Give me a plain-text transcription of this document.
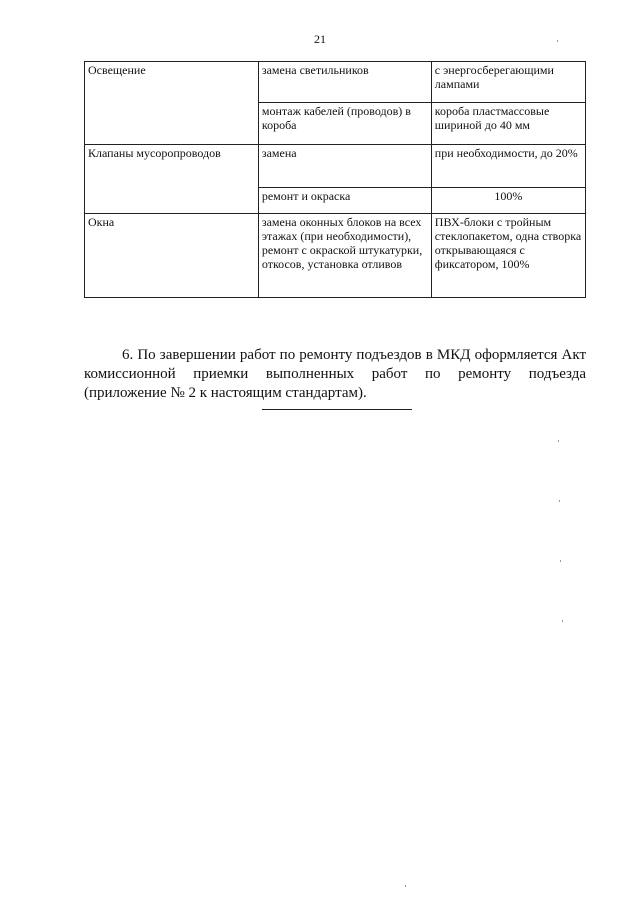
21
Освещение	замена светильников	с энергосберегающими лампами
	монтаж кабелей (проводов) в короба	короба пластмассовые шириной до 40 мм
Клапаны мусоропроводов	замена	при необходимости, до 20%
	ремонт и окраска	100%
Окна	замена оконных блоков на всех этажах (при необходимости), ремонт с окраской штукатурки, откосов, установка отливов	ПВХ-блоки с тройным стеклопакетом, одна створка открывающаяся с фиксатором, 100%

6. По завершении работ по ремонту подъездов в МКД оформляется Акт комиссионной приемки выполненных работ по ремонту подъезда (приложение № 2 к настоящим стандартам).
